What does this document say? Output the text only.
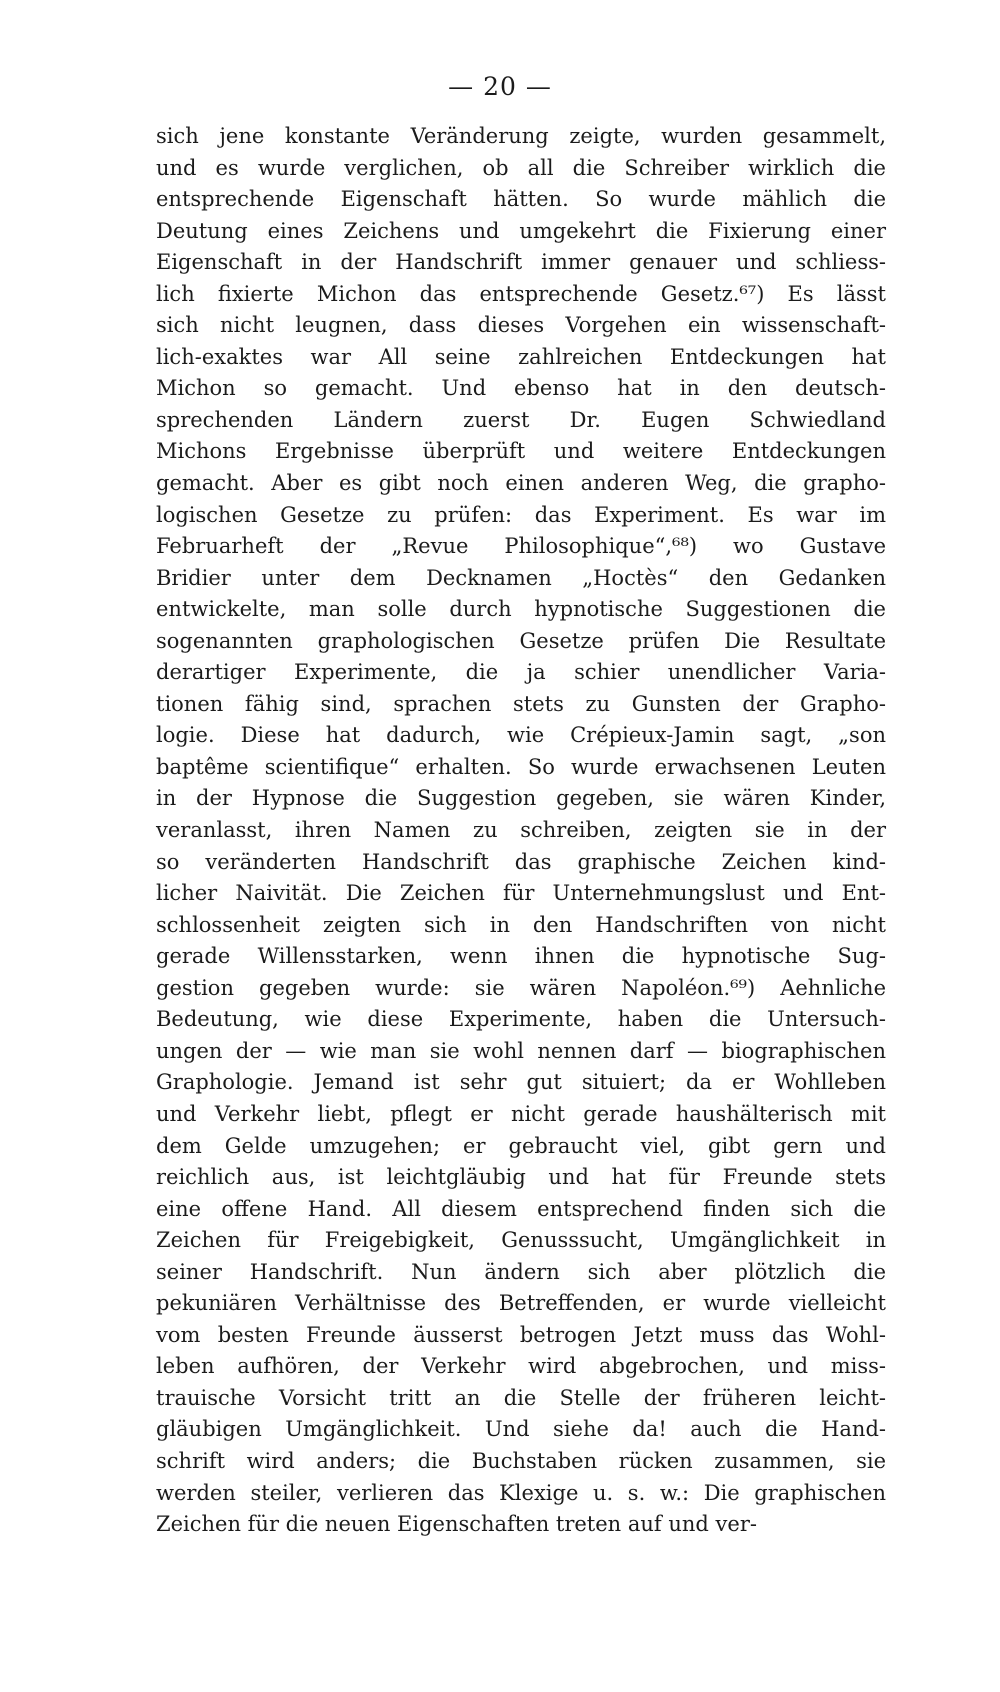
— 20 —
sich jene konstante Veränderung zeigte, wurden gesammelt,
und es wurde verglichen, ob all die Schreiber wirklich die
entsprechende Eigenschaft hätten. So wurde mählich die
Deutung eines Zeichens und umgekehrt die Fixierung einer
Eigenschaft in der Handschrift immer genauer und schliess-
lich fixierte Michon das entsprechende Gesetz.⁶⁷) Es lässt
sich nicht leugnen, dass dieses Vorgehen ein wissenschaft-
lich-exaktes war All seine zahlreichen Entdeckungen hat
Michon so gemacht. Und ebenso hat in den deutsch-
sprechenden Ländern zuerst Dr. Eugen Schwiedland
Michons Ergebnisse überprüft und weitere Entdeckungen
gemacht. Aber es gibt noch einen anderen Weg, die grapho-
logischen Gesetze zu prüfen: das Experiment. Es war im
Februarheft der „Revue Philosophique“,⁶⁸) wo Gustave
Bridier unter dem Decknamen „Hoctès“ den Gedanken
entwickelte, man solle durch hypnotische Suggestionen die
sogenannten graphologischen Gesetze prüfen Die Resultate
derartiger Experimente, die ja schier unendlicher Varia-
tionen fähig sind, sprachen stets zu Gunsten der Grapho-
logie. Diese hat dadurch, wie Crépieux-Jamin sagt, „son
baptême scientifique“ erhalten. So wurde erwachsenen Leuten
in der Hypnose die Suggestion gegeben, sie wären Kinder,
veranlasst, ihren Namen zu schreiben, zeigten sie in der
so veränderten Handschrift das graphische Zeichen kind-
licher Naivität. Die Zeichen für Unternehmungslust und Ent-
schlossenheit zeigten sich in den Handschriften von nicht
gerade Willensstarken, wenn ihnen die hypnotische Sug-
gestion gegeben wurde: sie wären Napoléon.⁶⁹) Aehnliche
Bedeutung, wie diese Experimente, haben die Untersuch-
ungen der — wie man sie wohl nennen darf — biographischen
Graphologie. Jemand ist sehr gut situiert; da er Wohlleben
und Verkehr liebt, pflegt er nicht gerade haushälterisch mit
dem Gelde umzugehen; er gebraucht viel, gibt gern und
reichlich aus, ist leichtgläubig und hat für Freunde stets
eine offene Hand. All diesem entsprechend finden sich die
Zeichen für Freigebigkeit, Genusssucht, Umgänglichkeit in
seiner Handschrift. Nun ändern sich aber plötzlich die
pekuniären Verhältnisse des Betreffenden, er wurde vielleicht
vom besten Freunde äusserst betrogen Jetzt muss das Wohl-
leben aufhören, der Verkehr wird abgebrochen, und miss-
trauische Vorsicht tritt an die Stelle der früheren leicht-
gläubigen Umgänglichkeit. Und siehe da! auch die Hand-
schrift wird anders; die Buchstaben rücken zusammen, sie
werden steiler, verlieren das Klexige u. s. w.: Die graphischen
Zeichen für die neuen Eigenschaften treten auf und ver-
